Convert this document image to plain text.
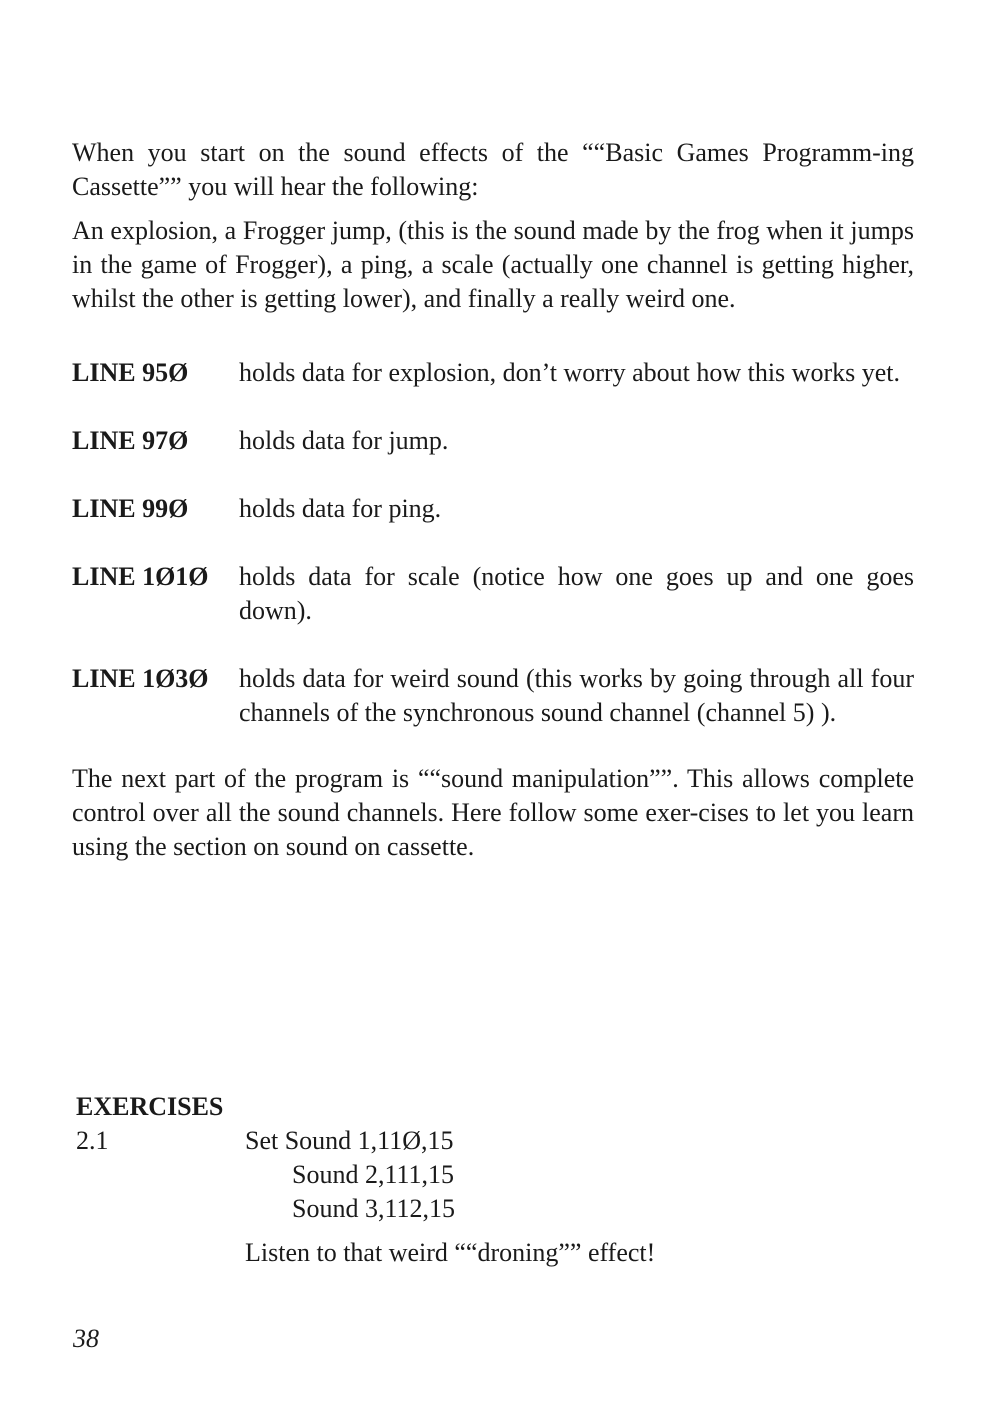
When you start on the sound effects of the ““Basic Games Programm-ing Cassette”” you will hear the following:

An explosion, a Frogger jump, (this is the sound made by the frog when it jumps in the game of Frogger), a ping, a scale (actually one channel is getting higher, whilst the other is getting lower), and finally a really weird one.

LINE 95Ø	holds data for explosion, don’t worry about how this works yet.
LINE 97Ø	holds data for jump.
LINE 99Ø	holds data for ping.
LINE 1Ø1Ø	holds data for scale (notice how one goes up and one goes down).
LINE 1Ø3Ø	holds data for weird sound (this works by going through all four channels of the synchronous sound channel (channel 5) ).

The next part of the program is ““sound manipulation””. This allows complete control over all the sound channels. Here follow some exer-cises to let you learn using the section on sound on cassette.

EXERCISES

2.1	Set Sound 1,11Ø,15
Sound 2,111,15
Sound 3,112,15
Listen to that weird ““droning”” effect!
38
